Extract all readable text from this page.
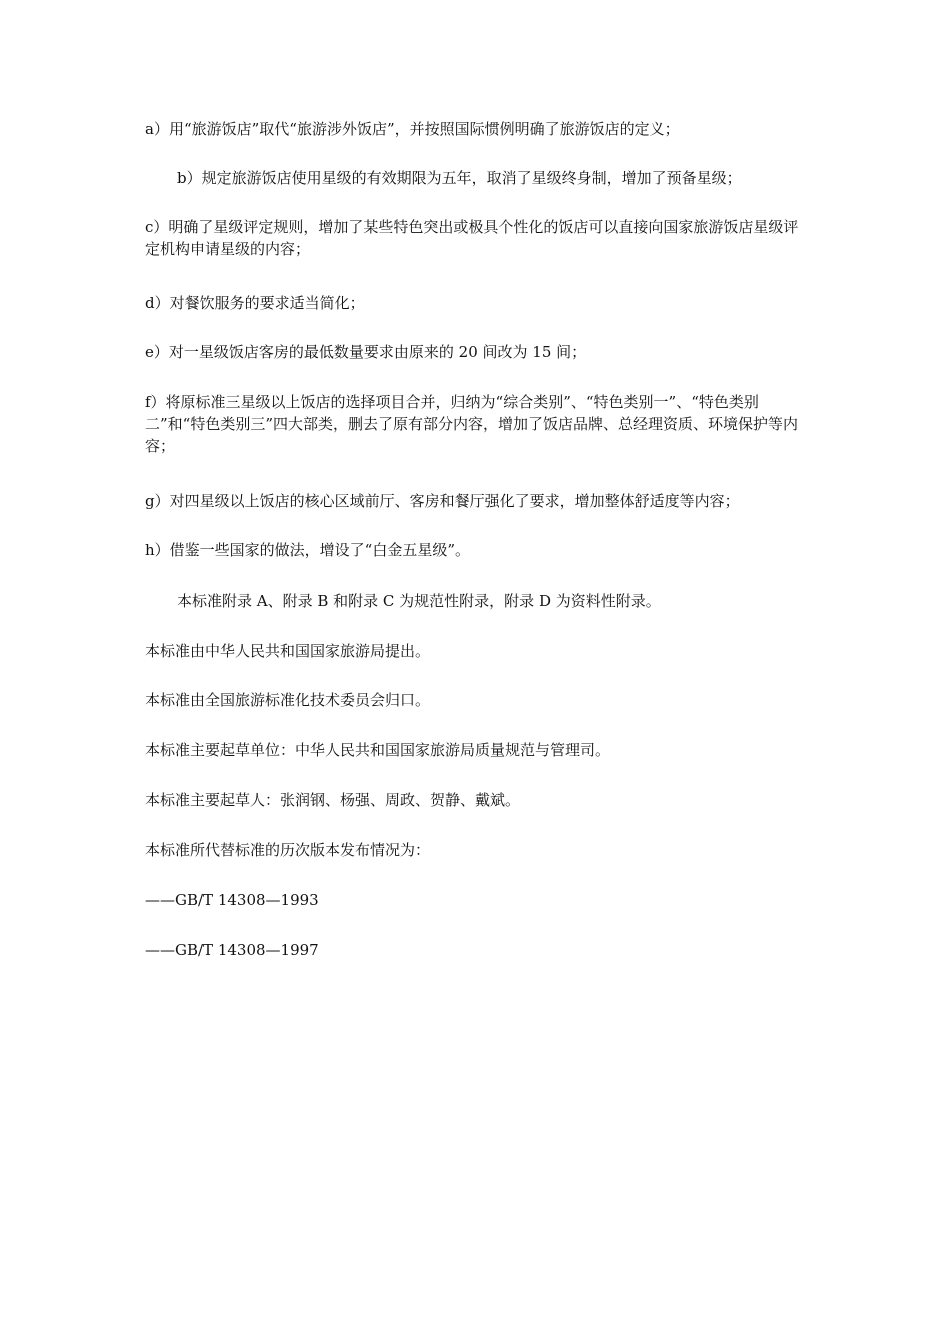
a）用“旅游饭店”取代“旅游涉外饭店”，并按照国际惯例明确了旅游饭店的定义；

b）规定旅游饭店使用星级的有效期限为五年，取消了星级终身制，增加了预备星级；

c）明确了星级评定规则，增加了某些特色突出或极具个性化的饭店可以直接向国家旅游饭店星级评定机构申请星级的内容；

d）对餐饮服务的要求适当简化；

e）对一星级饭店客房的最低数量要求由原来的 20 间改为 15 间；

f）将原标准三星级以上饭店的选择项目合并，归纳为“综合类别”、“特色类别一”、“特色类别二”和“特色类别三”四大部类，删去了原有部分内容，增加了饭店品牌、总经理资质、环境保护等内容；

g）对四星级以上饭店的核心区域前厅、客房和餐厅强化了要求，增加整体舒适度等内容；

h）借鉴一些国家的做法，增设了“白金五星级”。

本标准附录 A、附录 B 和附录 C 为规范性附录，附录 D 为资料性附录。

本标准由中华人民共和国国家旅游局提出。

本标准由全国旅游标准化技术委员会归口。

本标准主要起草单位：中华人民共和国国家旅游局质量规范与管理司。

本标准主要起草人：张润钢、杨强、周政、贺静、戴斌。

本标准所代替标准的历次版本发布情况为：

——GB/T 14308—1993

——GB/T 14308—1997
